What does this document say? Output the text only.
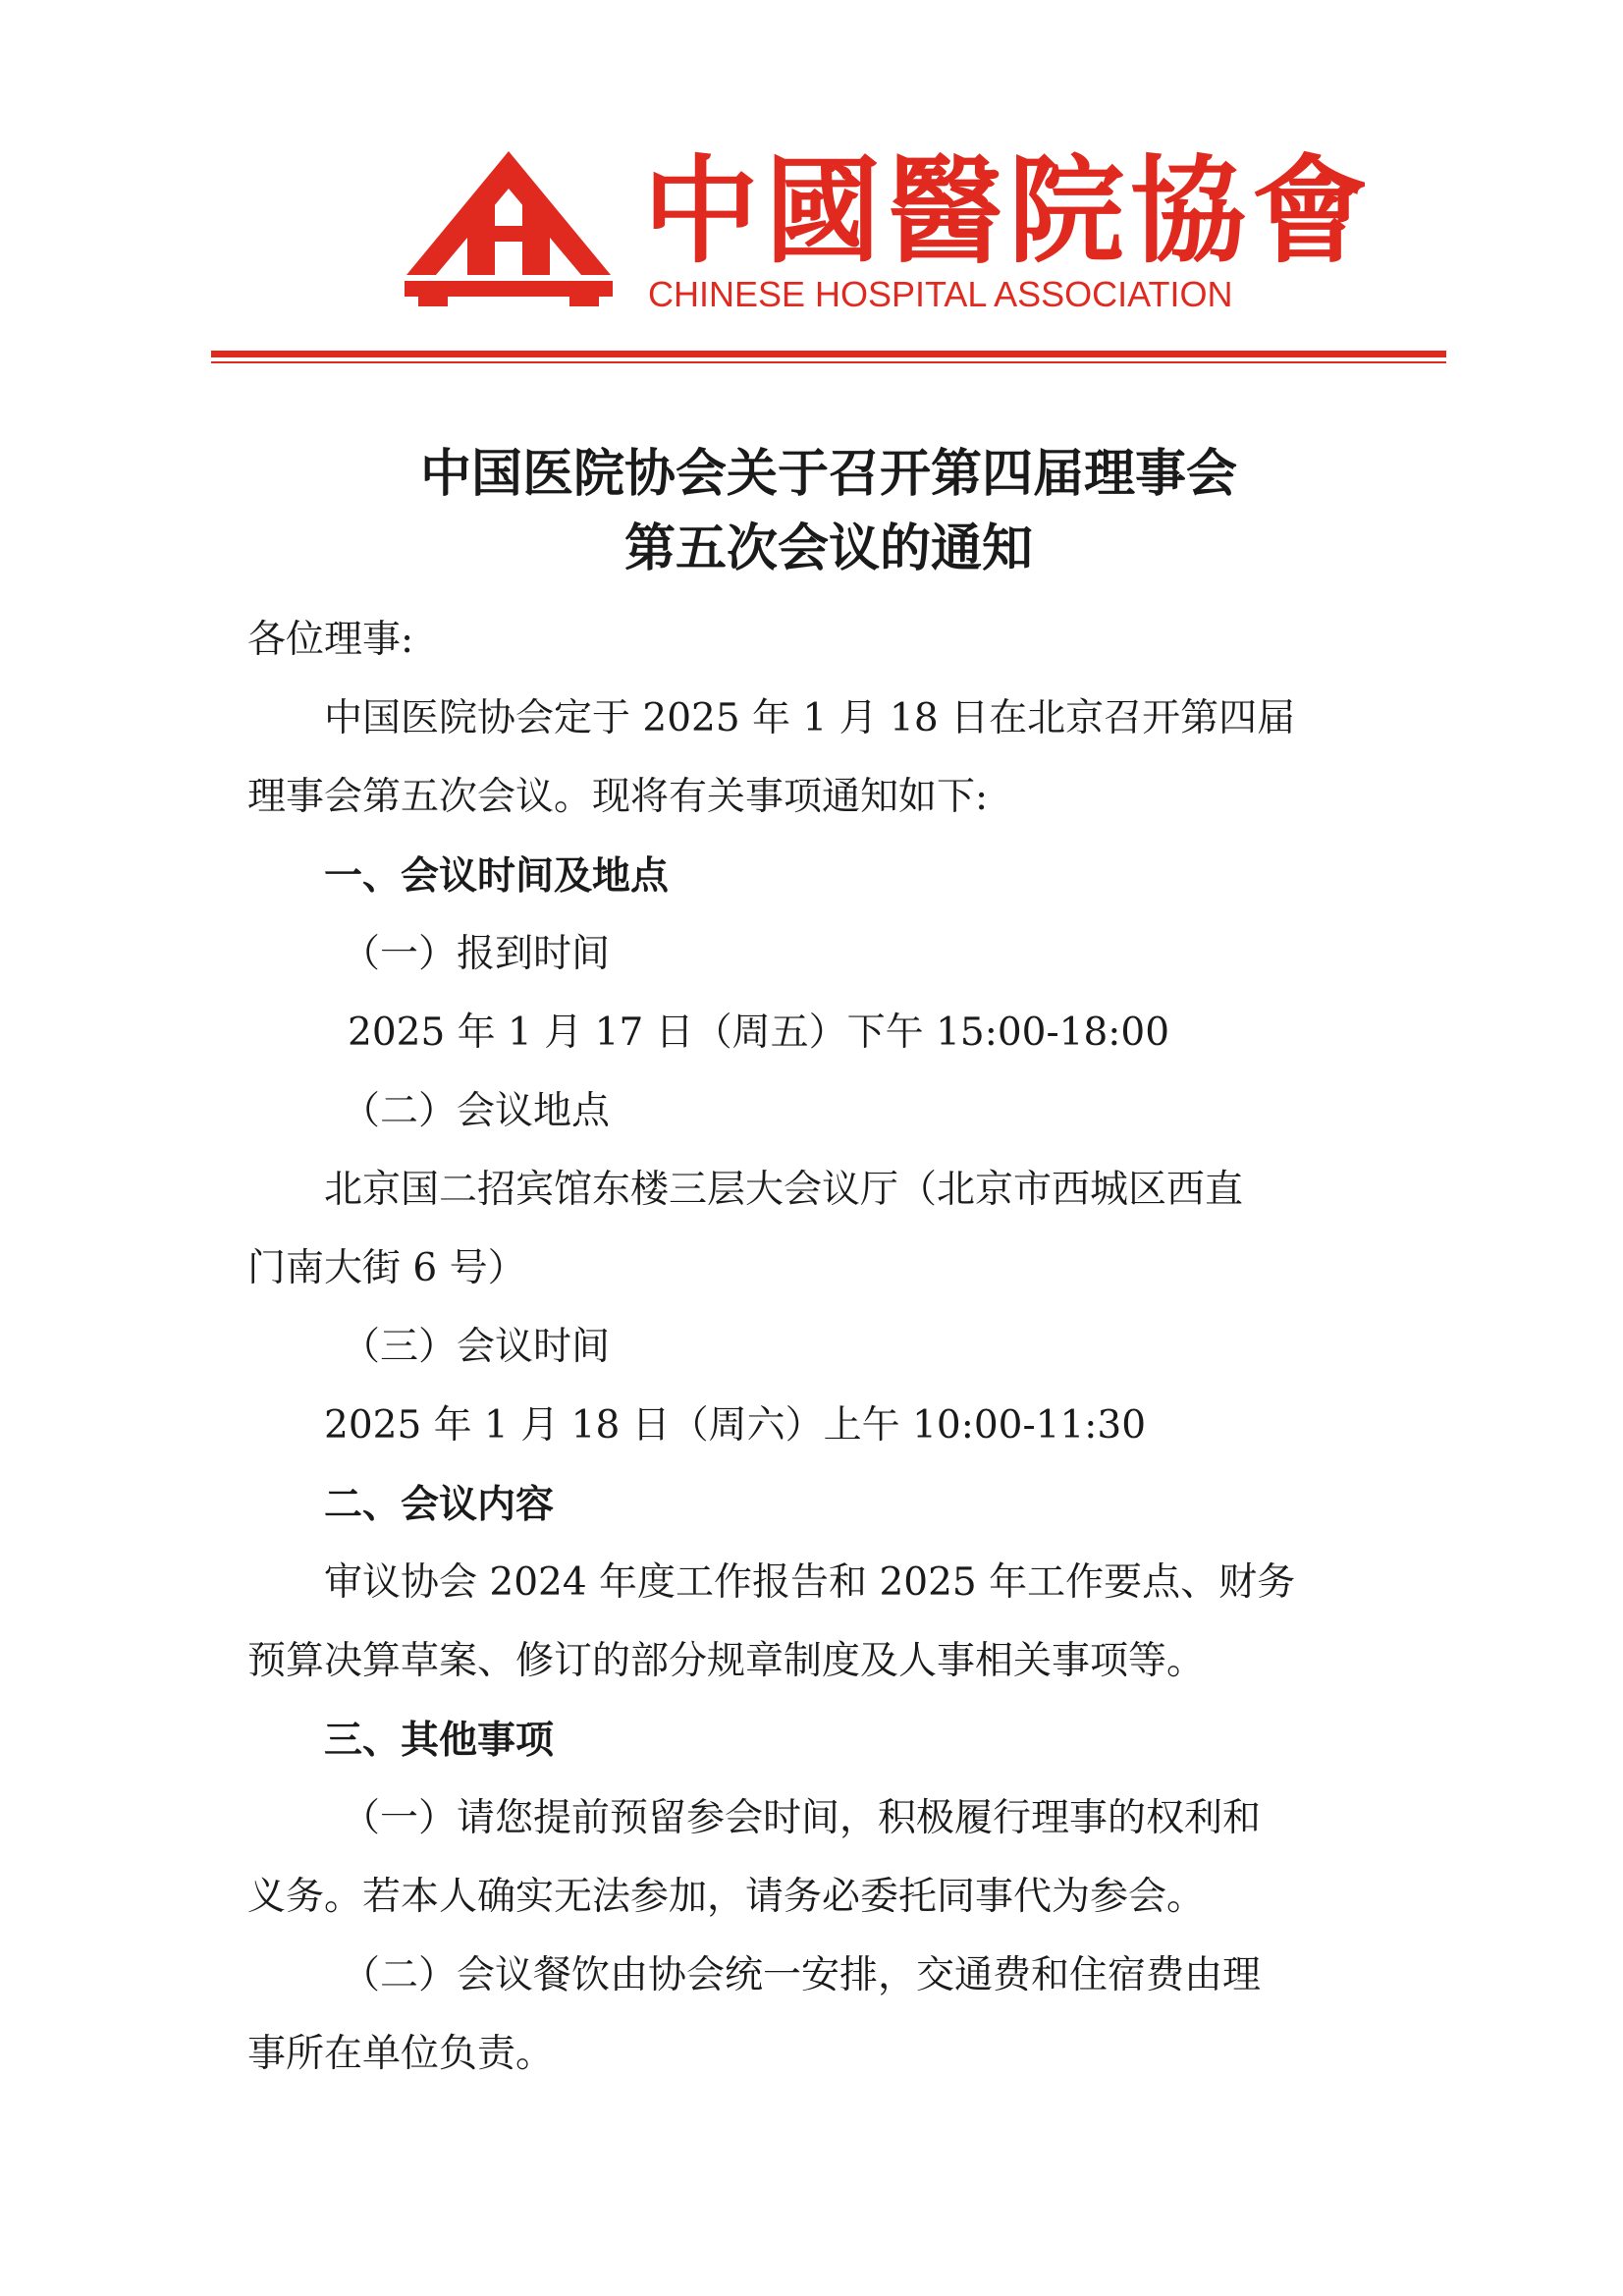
中國醫院協會
CHINESE HOSPITAL ASSOCIATION
中国医院协会关于召开第四届理事会
第五次会议的通知
各位理事:
中国医院协会定于 2025 年 1 月 18 日在北京召开第四届
理事会第五次会议。现将有关事项通知如下:
一、会议时间及地点
（一）报到时间
2025 年 1 月 17 日（周五）下午 15:00-18:00
（二）会议地点
北京国二招宾馆东楼三层大会议厅（北京市西城区西直
门南大街 6 号）
（三）会议时间
2025 年 1 月 18 日（周六）上午 10:00-11:30
二、会议内容
审议协会 2024 年度工作报告和 2025 年工作要点、财务
预算决算草案、修订的部分规章制度及人事相关事项等。
三、其他事项
（一）请您提前预留参会时间，积极履行理事的权利和
义务。若本人确实无法参加，请务必委托同事代为参会。
（二）会议餐饮由协会统一安排，交通费和住宿费由理
事所在单位负责。
